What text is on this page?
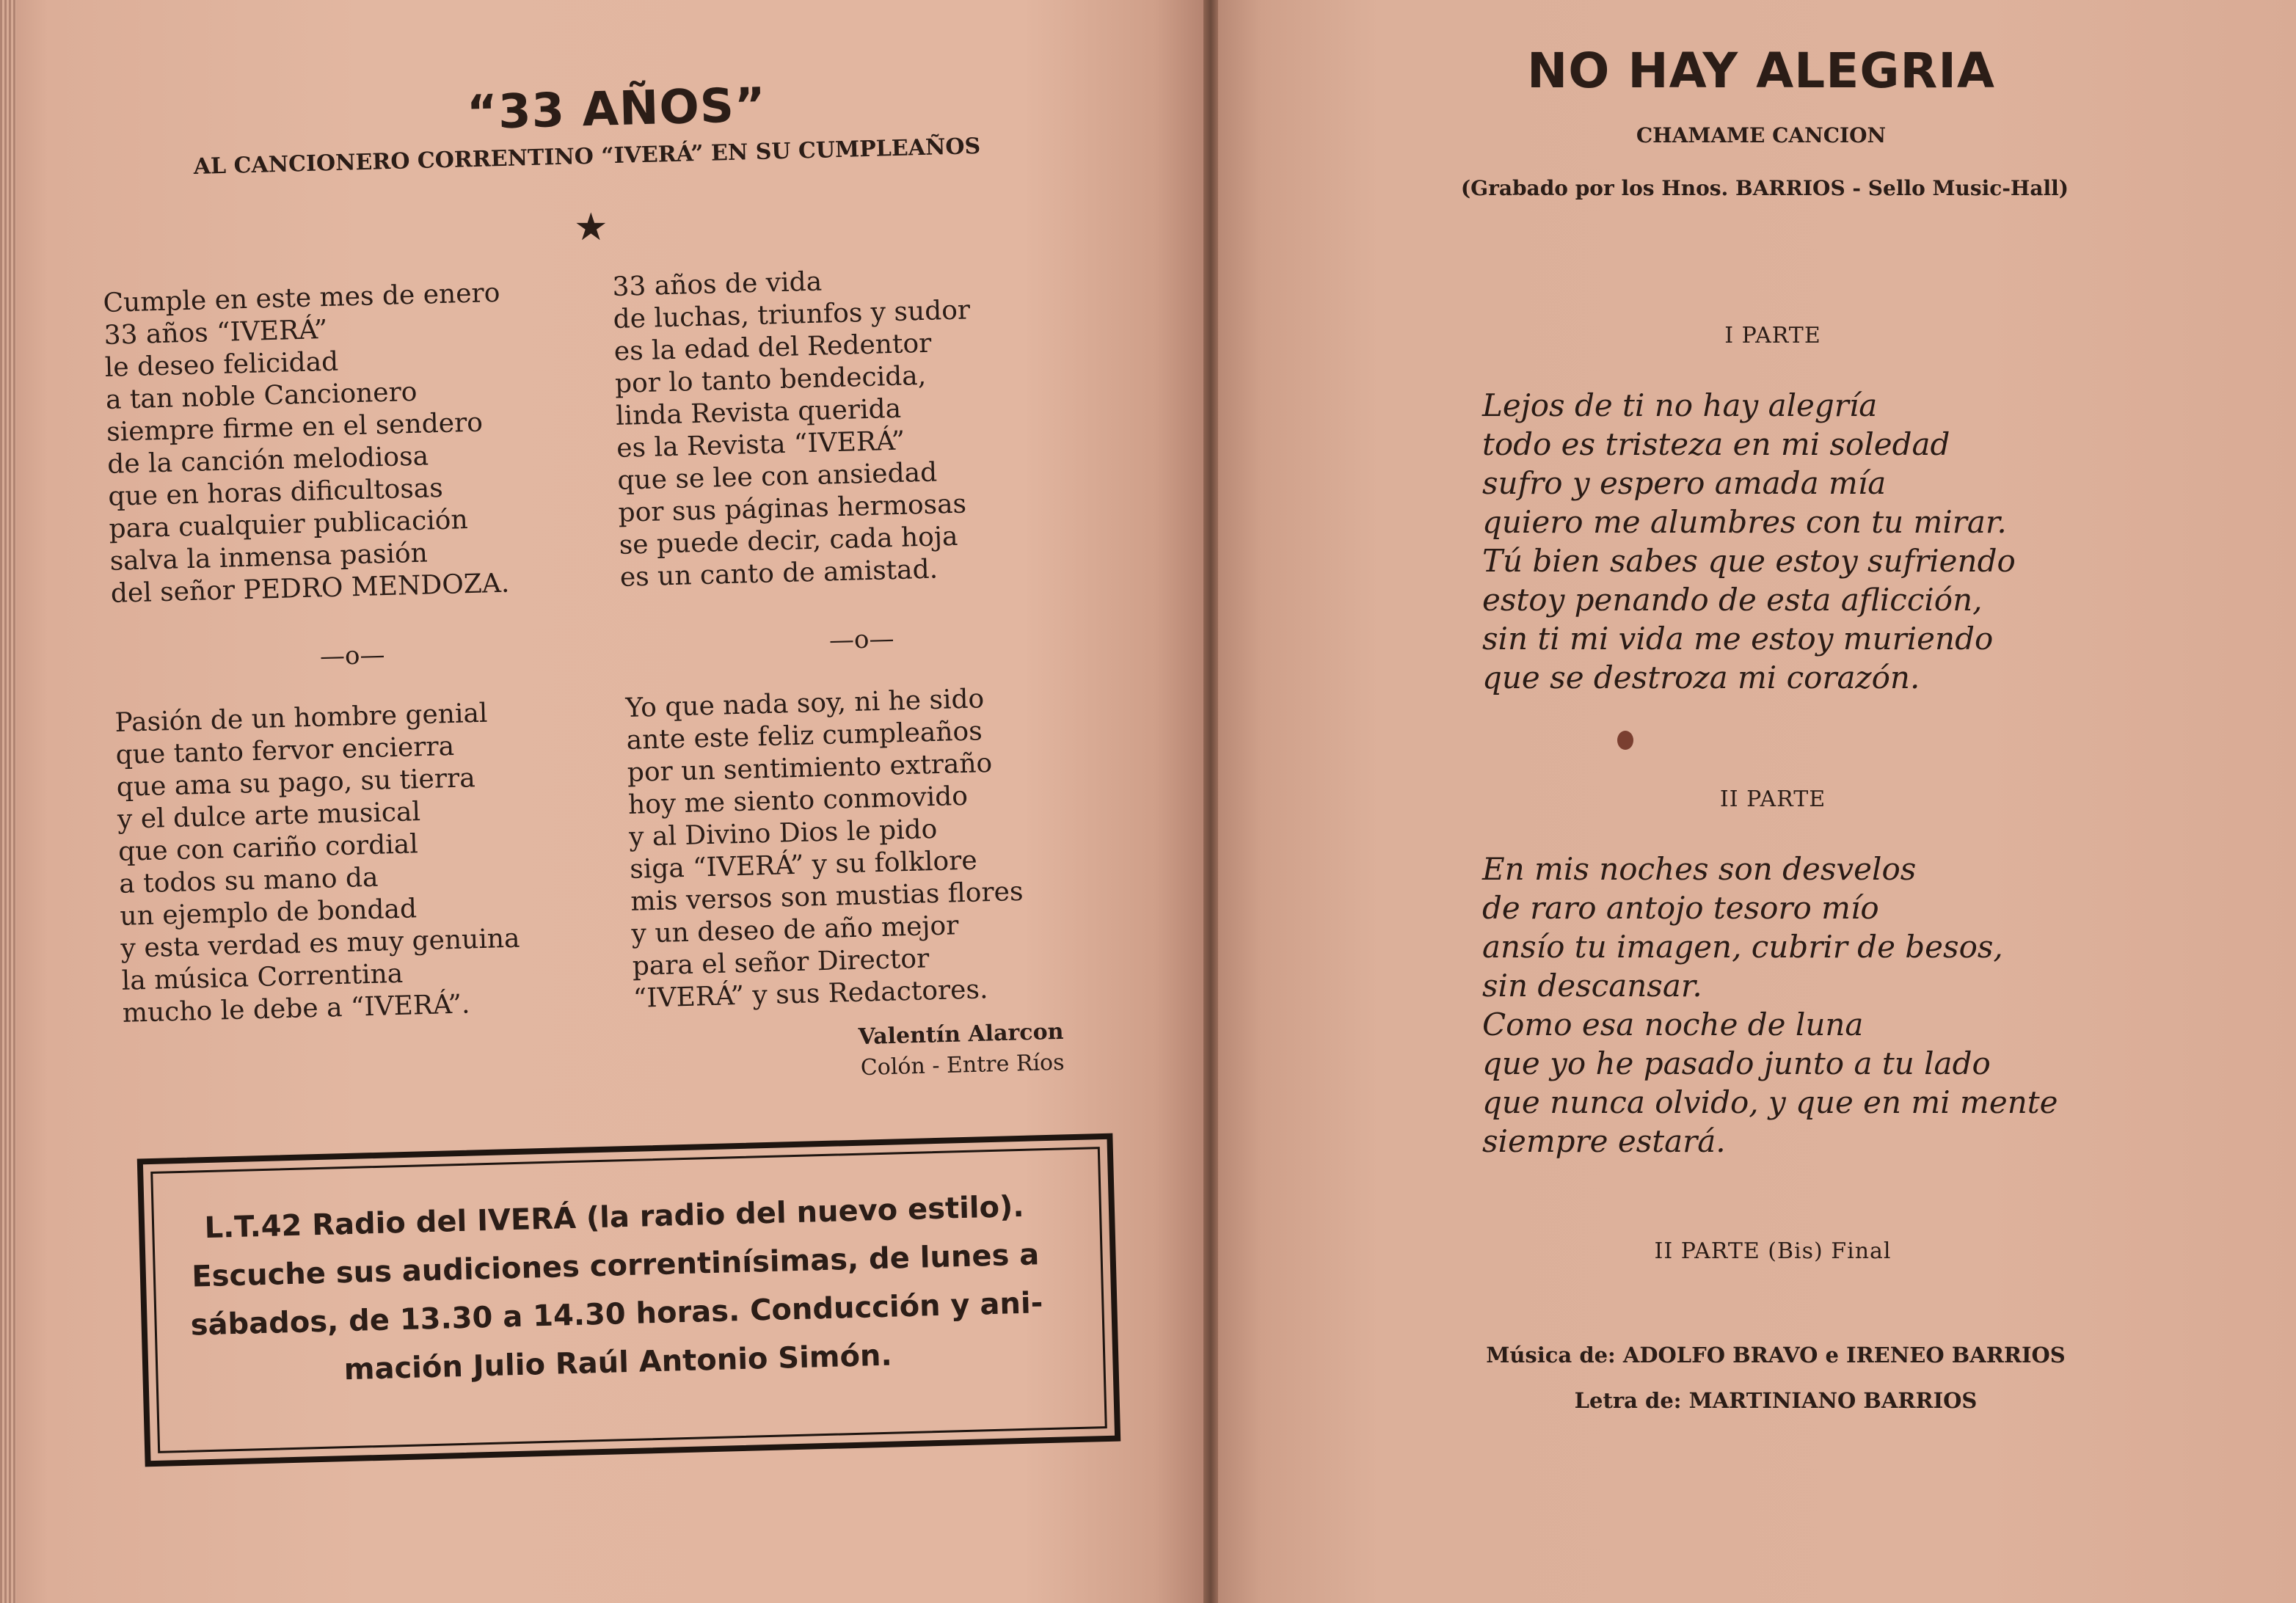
“33 AÑOS”
AL CANCIONERO CORRENTINO “IVERÁ” EN SU CUMPLEAÑOS
★
Cumple en este mes de enero
33 años “IVERÁ”
le deseo felicidad
a tan noble Cancionero
siempre firme en el sendero
de la canción melodiosa
que en horas dificultosas
para cualquier publicación
salva la inmensa pasión
del señor PEDRO MENDOZA.
33 años de vida
de luchas, triunfos y sudor
es la edad del Redentor
por lo tanto bendecida,
linda Revista querida
es la Revista “IVERÁ”
que se lee con ansiedad
por sus páginas hermosas
se puede decir, cada hoja
es un canto de amistad.
—o—
—o—
Pasión de un hombre genial
que tanto fervor encierra
que ama su pago, su tierra
y el dulce arte musical
que con cariño cordial
a todos su mano da
un ejemplo de bondad
y esta verdad es muy genuina
la música Correntina
mucho le debe a “IVERÁ”.
Yo que nada soy, ni he sido
ante este feliz cumpleaños
por un sentimiento extraño
hoy me siento conmovido
y al Divino Dios le pido
siga “IVERÁ” y su folklore
mis versos son mustias flores
y un deseo de año mejor
para el señor Director
“IVERÁ” y sus Redactores.
Valentín Alarcon
Colón - Entre Ríos
L.T.42 Radio del IVERÁ (la radio del nuevo estilo).
Escuche sus audiciones correntinísimas, de lunes a
sábados, de 13.30 a 14.30 horas. Conducción y ani-
mación Julio Raúl Antonio Simón.
NO HAY ALEGRIA
CHAMAME CANCION
(Grabado por los Hnos. BARRIOS - Sello Music-Hall)
I PARTE
Lejos de ti no hay alegría
todo es tristeza en mi soledad
sufro y espero amada mía
quiero me alumbres con tu mirar.
Tú bien sabes que estoy sufriendo
estoy penando de esta aflicción,
sin ti mi vida me estoy muriendo
que se destroza mi corazón.
II PARTE
En mis noches son desvelos
de raro antojo tesoro mío
ansío tu imagen, cubrir de besos,
sin descansar.
Como esa noche de luna
que yo he pasado junto a tu lado
que nunca olvido, y que en mi mente
siempre estará.
II PARTE (Bis) Final
Música de: ADOLFO BRAVO e IRENEO BARRIOS
Letra de: MARTINIANO BARRIOS
